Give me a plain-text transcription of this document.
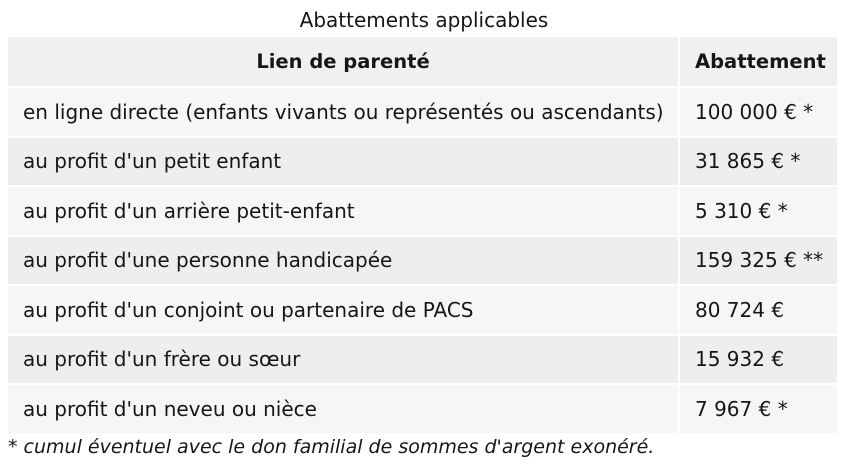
Abattements applicables
Lien de parenté	Abattement
en ligne directe (enfants vivants ou représentés ou ascendants)	100 000 € *
au profit d'un petit enfant	31 865 € *
au profit d'un arrière petit-enfant	5 310 € *
au profit d'une personne handicapée	159 325 € **
au profit d'un conjoint ou partenaire de PACS	80 724 €
au profit d'un frère ou sœur	15 932 €
au profit d'un neveu ou nièce	7 967 € *
* cumul éventuel avec le don familial de sommes d'argent exonéré.
